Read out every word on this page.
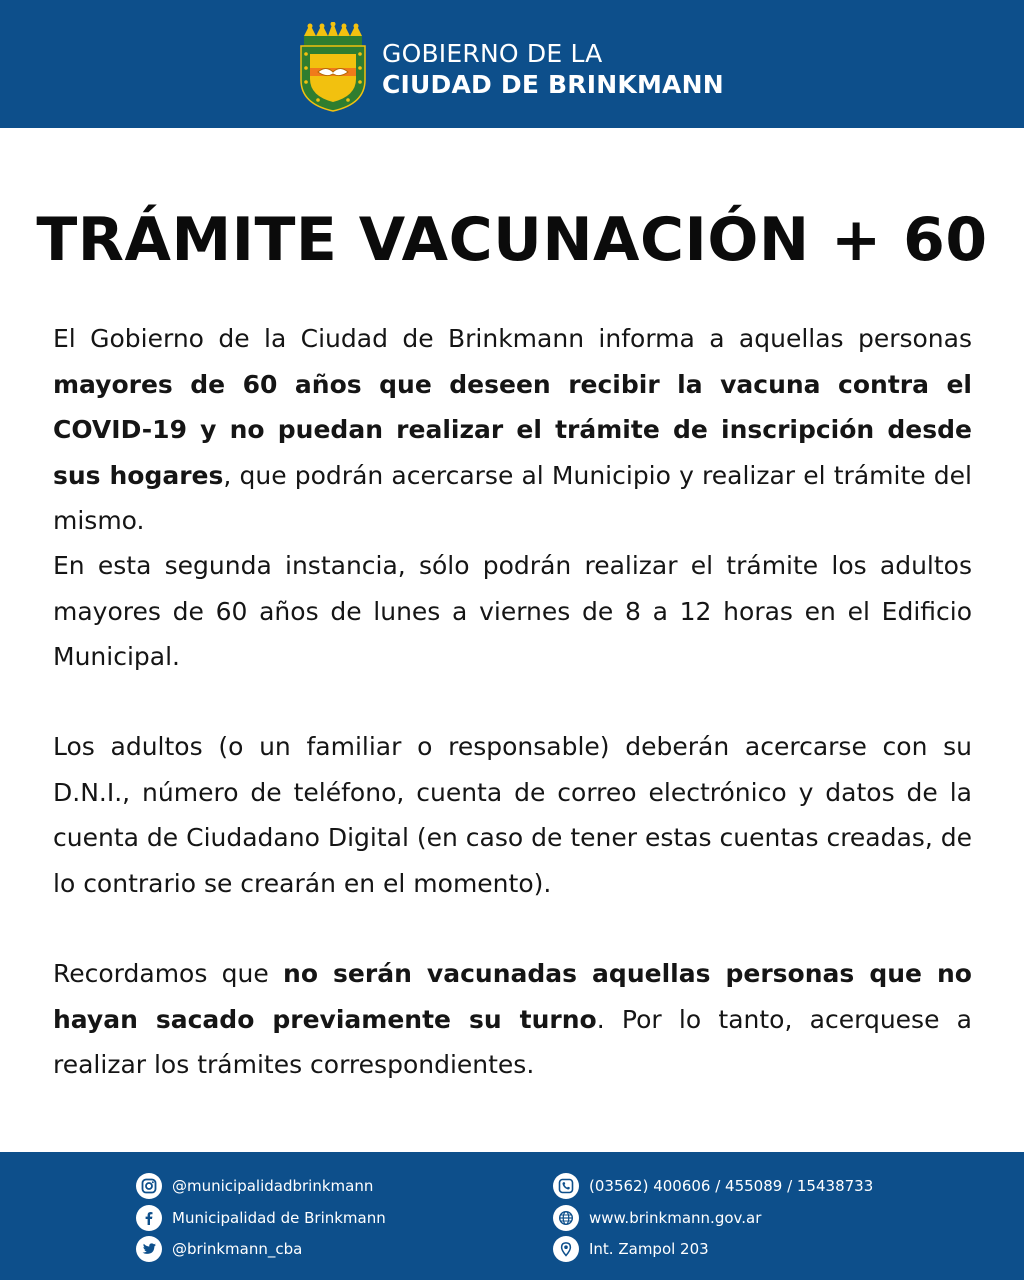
GOBIERNO DE LA
CIUDAD DE BRINKMANN
TRÁMITE VACUNACIÓN + 60

El Gobierno de la Ciudad de Brinkmann informa a aquellas personas mayores de 60 años que deseen recibir la vacuna contra el COVID-19 y no puedan realizar el trámite de inscripción desde sus hogares, que podrán acercarse al Municipio y realizar el trámite del mismo.

En esta segunda instancia, sólo podrán realizar el trámite los adultos mayores de 60 años de lunes a viernes de 8 a 12 horas en el Edificio Municipal.

Los adultos (o un familiar o responsable) deberán acercarse con su D.N.I., número de teléfono, cuenta de correo electrónico y datos de la cuenta de Ciudadano Digital (en caso de tener estas cuentas creadas, de lo contrario se crearán en el momento).

Recordamos que no serán vacunadas aquellas personas que no hayan sacado previamente su turno. Por lo tanto, acerquese a realizar los trámites correspondientes.

@municipalidadbrinkmann
Municipalidad de Brinkmann
@brinkmann_cba
(03562) 400606 / 455089 / 15438733
www.brinkmann.gov.ar
Int. Zampol 203
